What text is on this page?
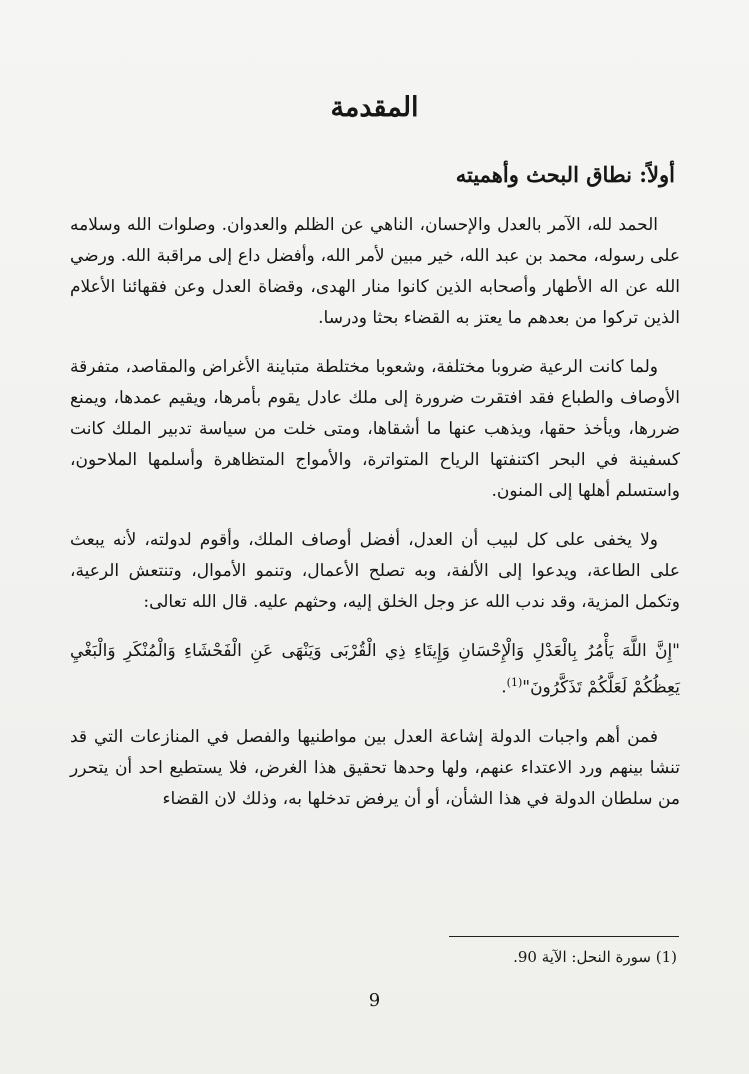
المقدمة
أولاً: نطاق البحث وأهميته

الحمد لله، الآمر بالعدل والإحسان، الناهي عن الظلم والعدوان. وصلوات الله وسلامه على رسوله، محمد بن عبد الله، خير مبين لأمر الله، وأفضل داع إلى مراقبة الله. ورضي الله عن اله الأطهار وأصحابه الذين كانوا منار الهدى، وقضاة العدل وعن فقهائنا الأعلام الذين تركوا من بعدهم ما يعتز به القضاء بحثا ودرسا.

ولما كانت الرعية ضروبا مختلفة، وشعوبا مختلطة متباينة الأغراض والمقاصد، متفرقة الأوصاف والطباع فقد افتقرت ضرورة إلى ملك عادل يقوم بأمرها، ويقيم عمدها، ويمنع ضررها، ويأخذ حقها، ويذهب عنها ما أشقاها، ومتى خلت من سياسة تدبير الملك كانت كسفينة في البحر اكتنفتها الرياح المتواترة، والأمواج المتظاهرة وأسلمها الملاحون، واستسلم أهلها إلى المنون.

ولا يخفى على كل لبيب أن العدل، أفضل أوصاف الملك، وأقوم لدولته، لأنه يبعث على الطاعة، ويدعوا إلى الألفة، وبه تصلح الأعمال، وتنمو الأموال، وتنتعش الرعية، وتكمل المزية، وقد ندب الله عز وجل الخلق إليه، وحثهم عليه. قال الله تعالى:

"إِنَّ اللَّهَ يَأْمُرُ بِالْعَدْلِ وَالْإِحْسَانِ وَإِيتَاءِ ذِي الْقُرْبَى وَيَنْهَى عَنِ الْفَحْشَاءِ وَالْمُنْكَرِ وَالْبَغْيِ يَعِظُكُمْ لَعَلَّكُمْ تَذَكَّرُونَ"$^{(1)}$.

فمن أهم واجبات الدولة إشاعة العدل بين مواطنيها والفصل في المنازعات التي قد تنشا بينهم ورد الاعتداء عنهم، ولها وحدها تحقيق هذا الغرض، فلا يستطيع احد أن يتحرر من سلطان الدولة في هذا الشأن، أو أن يرفض تدخلها به، وذلك لان القضاء

(1) سورة النحل: الآية 90.
9
